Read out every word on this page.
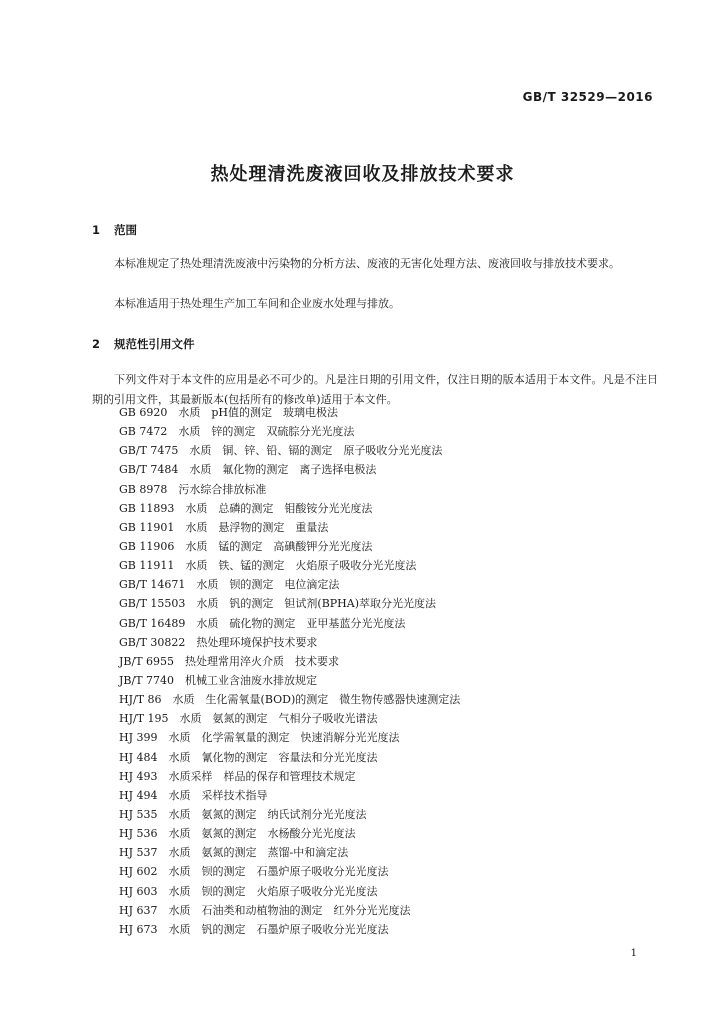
GB/T 32529—2016
热处理清洗废液回收及排放技术要求
1 范围
本标准规定了热处理清洗废液中污染物的分析方法、废液的无害化处理方法、废液回收与排放技术要求。
本标准适用于热处理生产加工车间和企业废水处理与排放。
2 规范性引用文件
下列文件对于本文件的应用是必不可少的。凡是注日期的引用文件，仅注日期的版本适用于本文件。凡是不注日期的引用文件，其最新版本(包括所有的修改单)适用于本文件。
GB 6920　水质　pH值的测定　玻璃电极法
GB 7472　水质　锌的测定　双硫腙分光光度法
GB/T 7475　水质　铜、锌、铅、镉的测定　原子吸收分光光度法
GB/T 7484　水质　氟化物的测定　离子选择电极法
GB 8978　污水综合排放标准
GB 11893　水质　总磷的测定　钼酸铵分光光度法
GB 11901　水质　悬浮物的测定　重量法
GB 11906　水质　锰的测定　高碘酸钾分光光度法
GB 11911　水质　铁、锰的测定　火焰原子吸收分光光度法
GB/T 14671　水质　钡的测定　电位滴定法
GB/T 15503　水质　钒的测定　钽试剂(BPHA)萃取分光光度法
GB/T 16489　水质　硫化物的测定　亚甲基蓝分光光度法
GB/T 30822　热处理环境保护技术要求
JB/T 6955　热处理常用淬火介质　技术要求
JB/T 7740　机械工业含油废水排放规定
HJ/T 86　水质　生化需氧量(BOD)的测定　微生物传感器快速测定法
HJ/T 195　水质　氨氮的测定　气相分子吸收光谱法
HJ 399　水质　化学需氧量的测定　快速消解分光光度法
HJ 484　水质　氰化物的测定　容量法和分光光度法
HJ 493　水质采样　样品的保存和管理技术规定
HJ 494　水质　采样技术指导
HJ 535　水质　氨氮的测定　纳氏试剂分光光度法
HJ 536　水质　氨氮的测定　水杨酸分光光度法
HJ 537　水质　氨氮的测定　蒸馏-中和滴定法
HJ 602　水质　钡的测定　石墨炉原子吸收分光光度法
HJ 603　水质　钡的测定　火焰原子吸收分光光度法
HJ 637　水质　石油类和动植物油的测定　红外分光光度法
HJ 673　水质　钒的测定　石墨炉原子吸收分光光度法
1
